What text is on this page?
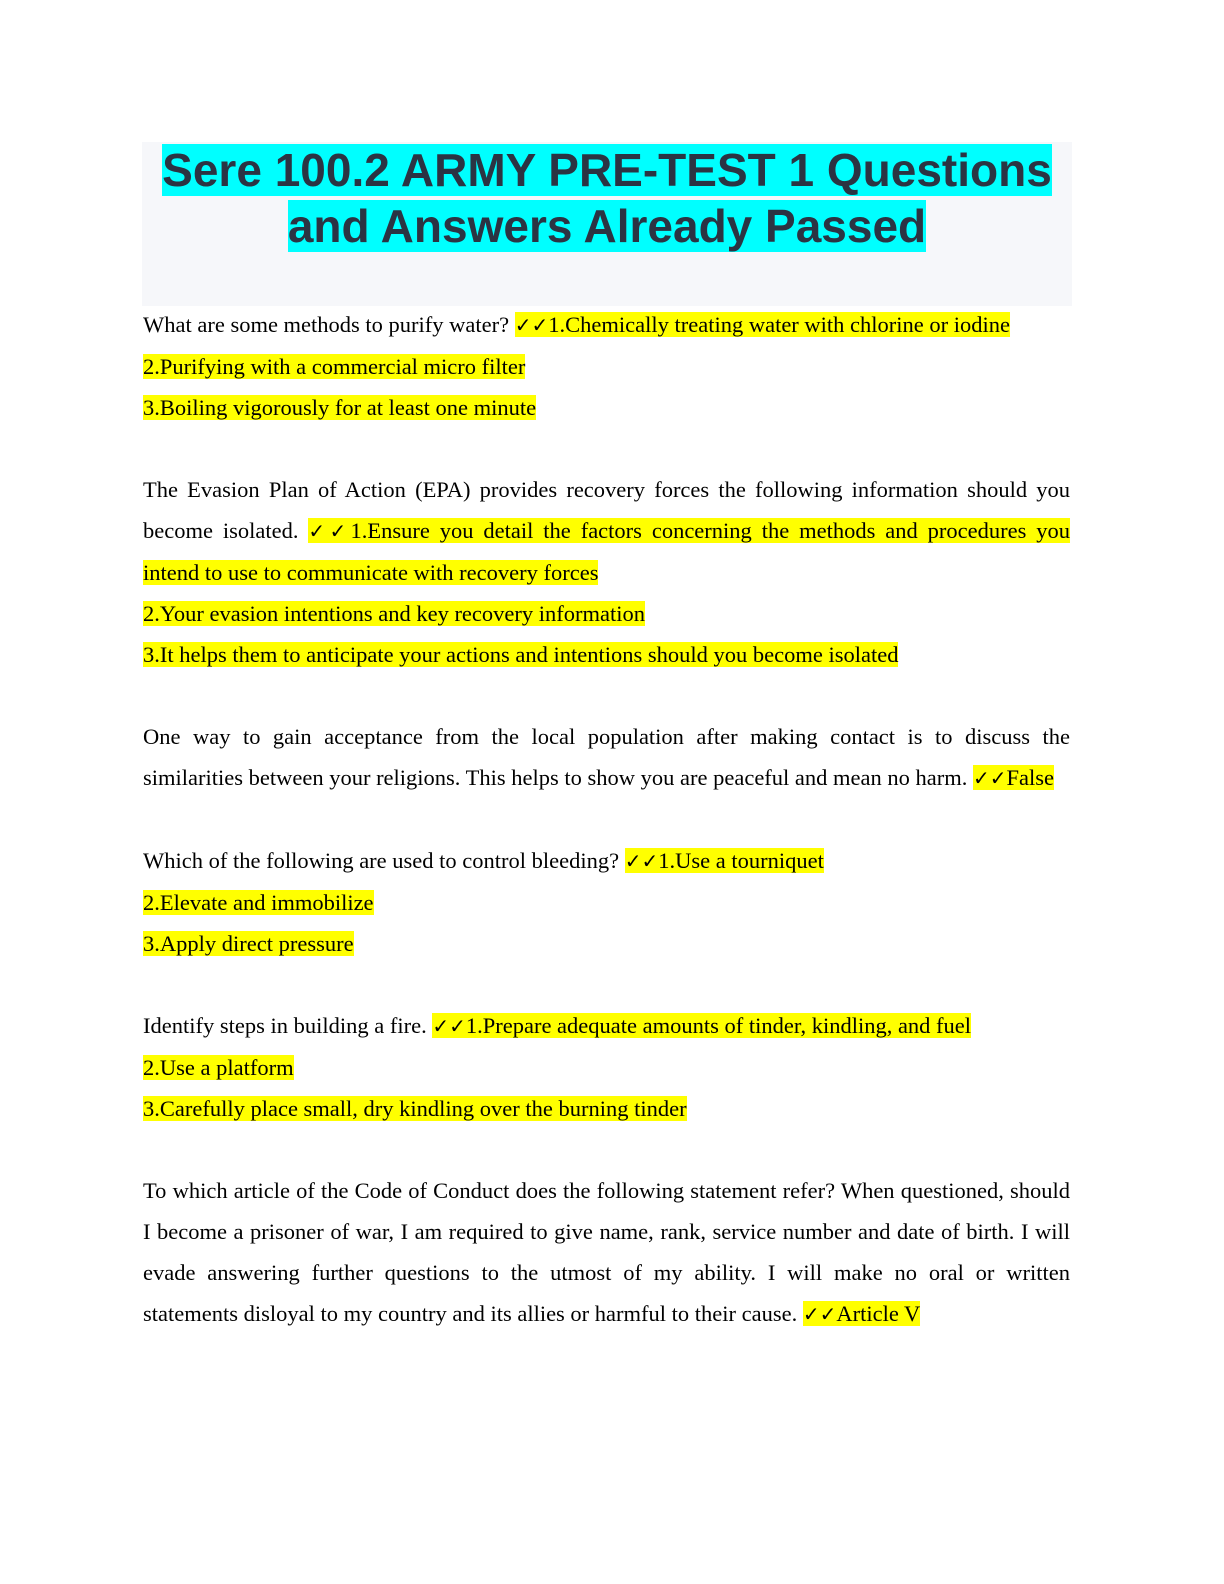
Sere 100.2 ARMY PRE-TEST 1 Questions
and Answers Already Passed

What are some methods to purify water? ✓✓1.Chemically treating water with chlorine or iodine

2.Purifying with a commercial micro filter

3.Boiling vigorously for at least one minute

The Evasion Plan of Action (EPA) provides recovery forces the following information should you become isolated. ✓✓1.Ensure you detail the factors concerning the methods and procedures you intend to use to communicate with recovery forces

2.Your evasion intentions and key recovery information

3.It helps them to anticipate your actions and intentions should you become isolated

One way to gain acceptance from the local population after making contact is to discuss the similarities between your religions. This helps to show you are peaceful and mean no harm. ✓✓False

Which of the following are used to control bleeding? ✓✓1.Use a tourniquet

2.Elevate and immobilize

3.Apply direct pressure

Identify steps in building a fire. ✓✓1.Prepare adequate amounts of tinder, kindling, and fuel

2.Use a platform

3.Carefully place small, dry kindling over the burning tinder

To which article of the Code of Conduct does the following statement refer? When questioned, should I become a prisoner of war, I am required to give name, rank, service number and date of birth. I will evade answering further questions to the utmost of my ability. I will make no oral or written statements disloyal to my country and its allies or harmful to their cause. ✓✓Article V
